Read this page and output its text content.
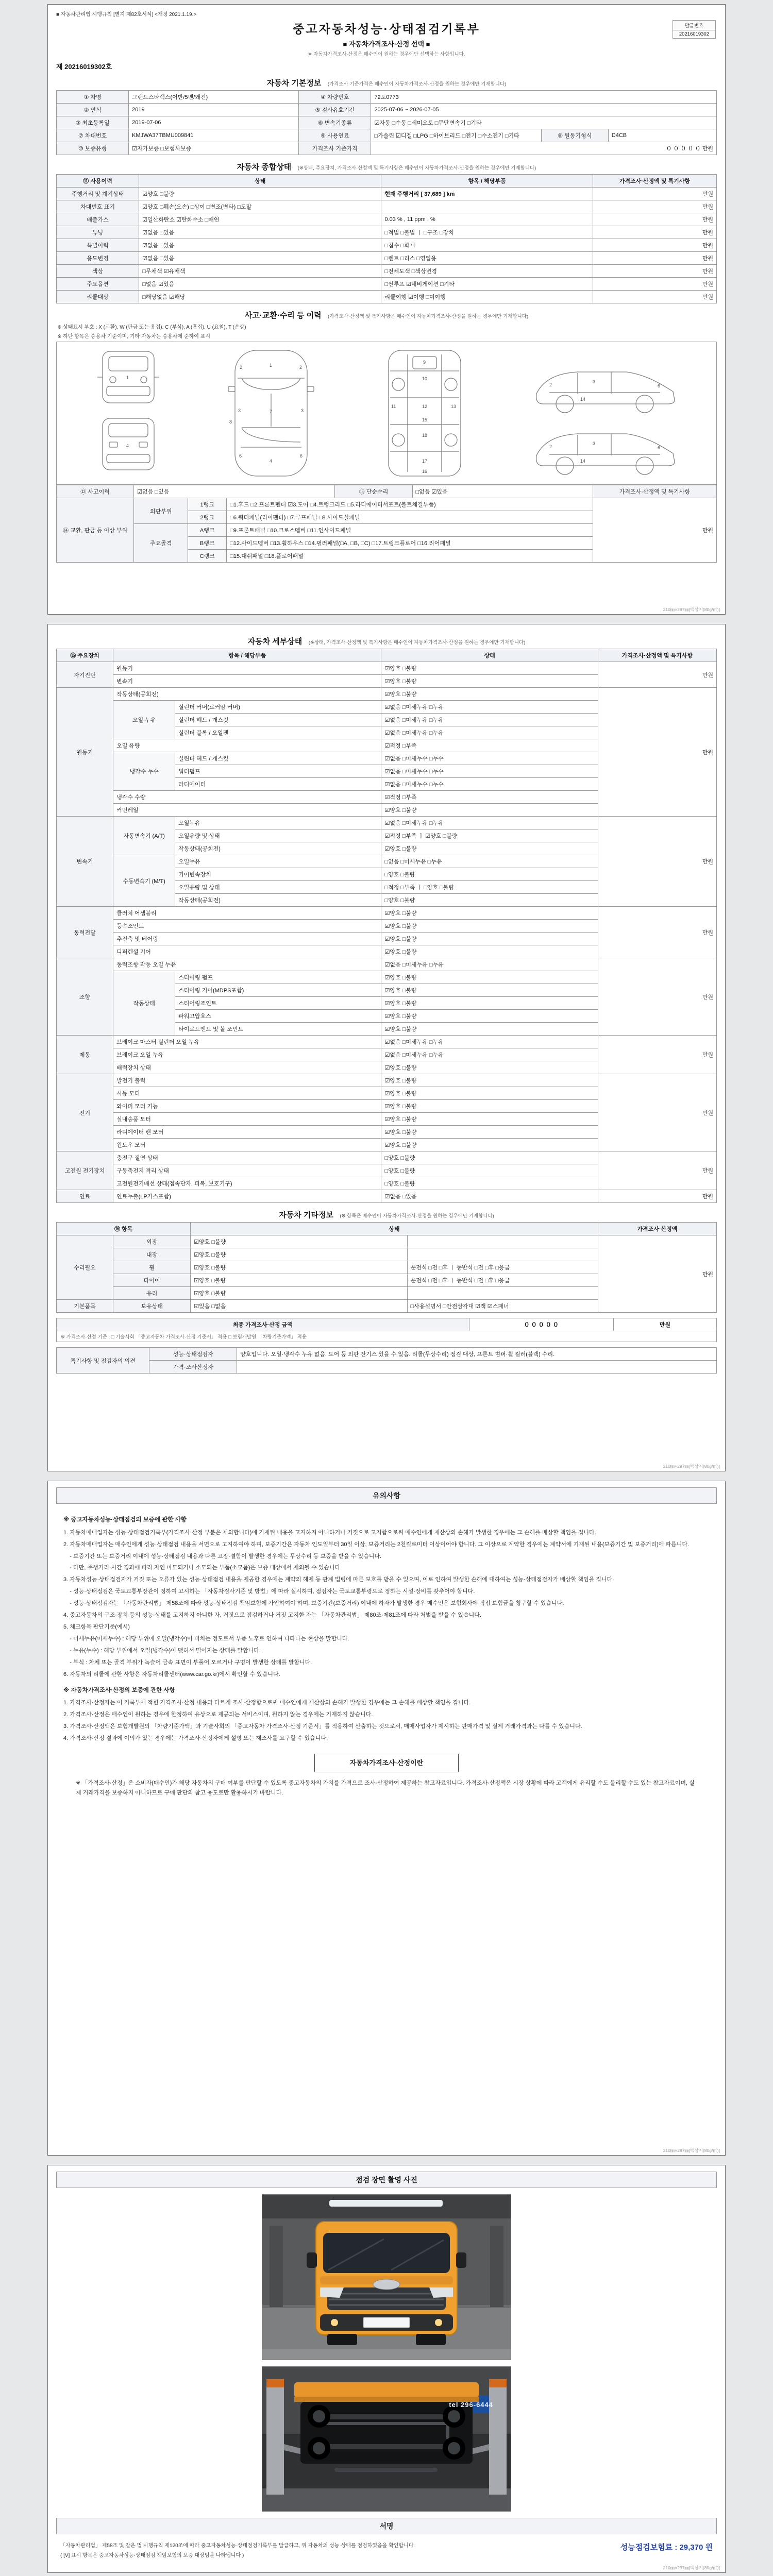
■ 자동차관리법 시행규칙 [별지 제82호서식] <개정 2021.1.19.>
발급번호
20216019302
중고자동차성능·상태점검기록부
■ 자동차가격조사·산정 선택 ■
※ 자동차가격조사·산정은 매수인이 원하는 경우에만 선택하는 사항입니다.
제 20216019302호
자동차 기본정보 (가격조사 기준가격은 매수인이 자동차가격조사·산정을 원하는 경우에만 기재합니다)
① 차명	그랜드스타렉스(어반/5밴/왜건)	④ 차량번호	72도0773		
② 연식	2019	⑤ 검사유효기간	2025-07-06 ~ 2026-07-05		
③ 최초등록일	2019-07-06	⑥ 변속기종류	☑자동 □수동 □세미오토 □무단변속기 □기타		
⑦ 차대번호	KMJWA37TBMU009841	⑨ 사용연료	□가솔린 ☑디젤 □LPG □하이브리드 □전기 □수소전기 □기타	⑧ 원동기형식	D4CB
⑩ 보증유형	☑자가보증 □보험사보증	가격조사 기준가격	０ ０ ０ ０ ０ 만원		
자동차 종합상태 (※상태, 주요장치, 가격조사·산정액 및 특기사항은 매수인이 자동차가격조사·산정을 원하는 경우에만 기재합니다)
⑪ 사용이력	상태	항목 / 해당부품	가격조사·산정액 및 특기사항
주행거리 및 계기상태	☑양호 □불량	현재 주행거리 [ 37,689 ] km	만원
차대번호 표기	☑양호 □훼손(오손) □상이 □변조(변타) □도말		만원
배출가스	☑일산화탄소 ☑탄화수소 □매연	0.03 % , 11 ppm , %	만원
튜닝	☑없음 □있음	□적법 □불법 ㅣ □구조 □장치	만원
특별이력	☑없음 □있음	□침수 □화재	만원
용도변경	☑없음 □있음	□렌트 □리스 □영업용	만원
색상	□무채색 ☑유채색	□전체도색 □색상변경	만원
주요옵션	□없음 ☑있음	□썬루프 ☑네비게이션 □기타	만원
리콜대상	□해당없음 ☑해당	리콜이행 ☑이행 □미이행	만원
사고·교환·수리 등 이력 (가격조사·산정액 및 특기사항은 매수인이 자동차가격조사·산정을 원하는 경우에만 기재합니다)
※ 상태표시 부호 : X (교환), W (판금 또는 용접), C (부식), A (흠집), U (요철), T (손상)
※ 하단 항목은 승용차 기준이며, 기타 자동차는 승용차에 준하여 표시
1
4
1
7
4
2	2
3	3
6	6
8
9
10
11	12	13
15
18
17
16
3
2	6
3
2	6
14
14
⑫ 사고이력	☑없음 □있음	⑬ 단순수리	□없음 ☑있음	가격조사·산정액 및 특기사항
⑭ 교환, 판금 등 이상 부위	외판부위	1랭크	□1.후드 □2.프론트펜더 ☑3.도어 □4.트렁크리드 □5.라디에이터서포트(볼트체결부품)	만원
		2랭크	□6.쿼터패널(리어펜더) □7.루프패널 □8.사이드실패널	
	주요골격	A랭크	□9.프론트패널 □10.크로스멤버 □11.인사이드패널	
		B랭크	□12.사이드멤버 □13.휠하우스 □14.필러패널(□A, □B, □C) □17.트렁크플로어 □16.리어패널	
		C랭크	□15.대쉬패널 □18.플로어패널	
210㎜×297㎜[백상지(80g/㎡)]
자동차 세부상태 (※상태, 가격조사·산정액 및 특기사항은 매수인이 자동차가격조사·산정을 원하는 경우에만 기재합니다)
⑮ 주요장치	항목 / 해당부품		상태	가격조사·산정액 및 특기사항
자기진단	원동기		☑양호 □불량	만원
	변속기		☑양호 □불량	
원동기	작동상태(공회전)		☑양호 □불량	만원
	오일 누유	실린더 커버(로커암 커버)	☑없음 □미세누유 □누유	
		실린더 헤드 / 개스킷	☑없음 □미세누유 □누유	
		실린더 블록 / 오일팬	☑없음 □미세누유 □누유	
	오일 유량		☑적정 □부족	
	냉각수 누수	실린더 헤드 / 개스킷	☑없음 □미세누수 □누수	
		워터펌프	☑없음 □미세누수 □누수	
		라디에이터	☑없음 □미세누수 □누수	
	냉각수 수량		☑적정 □부족	
	커먼레일		☑양호 □불량	
변속기	자동변속기 (A/T)	오일누유	☑없음 □미세누유 □누유	만원
		오일유량 및 상태	☑적정 □부족 ㅣ ☑양호 □불량	
		작동상태(공회전)	☑양호 □불량	
	수동변속기 (M/T)	오일누유	□없음 □미세누유 □누유	
		기어변속장치	□양호 □불량	
		오일유량 및 상태	□적정 □부족 ㅣ □양호 □불량	
		작동상태(공회전)	□양호 □불량	
동력전달	클러치 어셈블리		☑양호 □불량	만원
	등속조인트		☑양호 □불량	
	추진축 및 베어링		☑양호 □불량	
	디퍼렌셜 기어		☑양호 □불량	
조향	동력조향 작동 오일 누유		☑없음 □미세누유 □누유	만원
	작동상태	스티어링 펌프	☑양호 □불량	
		스티어링 기어(MDPS포함)	☑양호 □불량	
		스티어링조인트	☑양호 □불량	
		파워고압호스	☑양호 □불량	
		타이로드엔드 및 볼 조인트	☑양호 □불량	
제동	브레이크 마스터 실린더 오일 누유		☑없음 □미세누유 □누유	만원
	브레이크 오일 누유		☑없음 □미세누유 □누유	
	배력장치 상태		☑양호 □불량	
전기	발전기 출력		☑양호 □불량	만원
	시동 모터		☑양호 □불량	
	와이퍼 모터 기능		☑양호 □불량	
	실내송풍 모터		☑양호 □불량	
	라디에이터 팬 모터		☑양호 □불량	
	윈도우 모터		☑양호 □불량	
고전원 전기장치	충전구 절연 상태		□양호 □불량	만원
	구동축전지 격리 상태		□양호 □불량	
	고전원전기배선 상태(접속단자, 피복, 보호기구)		□양호 □불량	
연료	연료누출(LP가스포함)		☑없음 □있음	만원
자동차 기타정보 (※ 항목은 매수인이 자동차가격조사·산정을 원하는 경우에만 기재합니다)
⑯ 항목		상태		가격조사·산정액
수리필요	외장	☑양호 □불량		만원
	내장	☑양호 □불량		
	휠	☑양호 □불량	운전석 □전 □후 ㅣ 동반석 □전 □후 □응급	
	타이어	☑양호 □불량	운전석 □전 □후 ㅣ 동반석 □전 □후 □응급	
	유리	☑양호 □불량		
기본품목	보유상태	☑있음 □없음	□사용설명서 □안전삼각대 ☑잭 ☑스패너	
최종 가격조사·산정 금액	０ ０ ０ ０ ０	만원
※ 가격조사·산정 기준 : □ 기술사회 「중고자동차 가격조사·산정 기준서」 적용 □ 보험개발원 「차량기준가액」 적용
특기사항 및 점검자의 의견	성능·상태점검자	양호입니다. 오일·냉각수 누유 없음. 도어 등 외판 잔기스 있을 수 있음. 리콜(무상수리) 점검 대상, 프론트 범퍼·휠 컬러(블랙) 수리.
	가격·조사산정자	
210㎜×297㎜[백상지(80g/㎡)]
유의사항
※ 중고자동차성능·상태점검의 보증에 관한 사항

1. 자동차매매업자는 성능·상태점검기록부(가격조사·산정 부분은 제외합니다)에 기재된 내용을 고지하지 아니하거나 거짓으로 고지함으로써 매수인에게 재산상의 손해가 발생한 경우에는 그 손해를 배상할 책임을 집니다.

2. 자동차매매업자는 매수인에게 성능·상태점검 내용을 서면으로 고지하여야 하며, 보증기간은 자동차 인도일부터 30일 이상, 보증거리는 2천킬로미터 이상이어야 합니다. 그 이상으로 계약한 경우에는 계약서에 기재된 내용(보증기간 및 보증거리)에 따릅니다.

- 보증기간 또는 보증거리 이내에 성능·상태점검 내용과 다른 고장·결함이 발생한 경우에는 무상수리 등 보증을 받을 수 있습니다.

- 다만, 주행거리·시간 경과에 따라 자연 마모되거나 소모되는 부품(소모품)은 보증 대상에서 제외될 수 있습니다.

3. 자동차성능·상태점검자가 거짓 또는 오류가 있는 성능·상태점검 내용을 제공한 경우에는 계약의 해제 등 관계 법령에 따른 보호를 받을 수 있으며, 이로 인하여 발생한 손해에 대하여는 성능·상태점검자가 배상할 책임을 집니다.

- 성능·상태점검은 국토교통부장관이 정하여 고시하는 「자동차검사기준 및 방법」에 따라 실시하며, 점검자는 국토교통부령으로 정하는 시설·장비를 갖추어야 합니다.

- 성능·상태점검자는 「자동차관리법」 제58조에 따라 성능·상태점검 책임보험에 가입하여야 하며, 보증기간(보증거리) 이내에 하자가 발생한 경우 매수인은 보험회사에 직접 보험금을 청구할 수 있습니다.

4. 중고자동차의 구조·장치 등의 성능·상태를 고지하지 아니한 자, 거짓으로 점검하거나 거짓 고지한 자는 「자동차관리법」 제80조·제81조에 따라 처벌을 받을 수 있습니다.

5. 체크항목 판단기준(예시)

- 미세누유(미세누수) : 해당 부위에 오일(냉각수)이 비치는 정도로서 부품 노후로 인하여 나타나는 현상을 말합니다.

- 누유(누수) : 해당 부위에서 오일(냉각수)이 맺혀서 떨어지는 상태를 말합니다.

- 부식 : 차체 또는 골격 부위가 녹슬어 금속 표면이 부풀어 오르거나 구멍이 발생한 상태를 말합니다.

6. 자동차의 리콜에 관한 사항은 자동차리콜센터(www.car.go.kr)에서 확인할 수 있습니다.

※ 자동차가격조사·산정의 보증에 관한 사항

1. 가격조사·산정자는 이 기록부에 적힌 가격조사·산정 내용과 다르게 조사·산정함으로써 매수인에게 재산상의 손해가 발생한 경우에는 그 손해를 배상할 책임을 집니다.

2. 가격조사·산정은 매수인이 원하는 경우에 한정하여 유상으로 제공되는 서비스이며, 원하지 않는 경우에는 기재하지 않습니다.

3. 가격조사·산정액은 보험개발원의 「차량기준가액」과 기술사회의 「중고자동차 가격조사·산정 기준서」를 적용하여 산출하는 것으로서, 매매사업자가 제시하는 판매가격 및 실제 거래가격과는 다를 수 있습니다.

4. 가격조사·산정 결과에 이의가 있는 경우에는 가격조사·산정자에게 설명 또는 재조사를 요구할 수 있습니다.

자동차가격조사·산정이란
※ 「가격조사·산정」은 소비자(매수인)가 해당 자동차의 구매 여부를 판단할 수 있도록 중고자동차의 가치를 가격으로 조사·산정하여 제공하는 참고자료입니다. 가격조사·산정액은 시장 상황에 따라 고객에게 유리할 수도 불리할 수도 있는 참고자료이며, 실제 거래가격을 보증하지 아니하므로 구매 판단의 참고 용도로만 활용하시기 바랍니다.
210㎜×297㎜[백상지(80g/㎡)]
점검 장면 촬영 사진
tel 296-6444
서명

「자동차관리법」 제58조 및 같은 법 시행규칙 제120조에 따라 중고자동차성능·상태점검기록부를 발급하고, 위 자동차의 성능·상태를 점검하였음을 확인합니다.

( [V] 표시 항목은 중고자동차성능·상태점검 책임보험의 보증 대상임을 나타냅니다 )

성능점검보험료 : 29,370 원
210㎜×297㎜[백상지(80g/㎡)]
